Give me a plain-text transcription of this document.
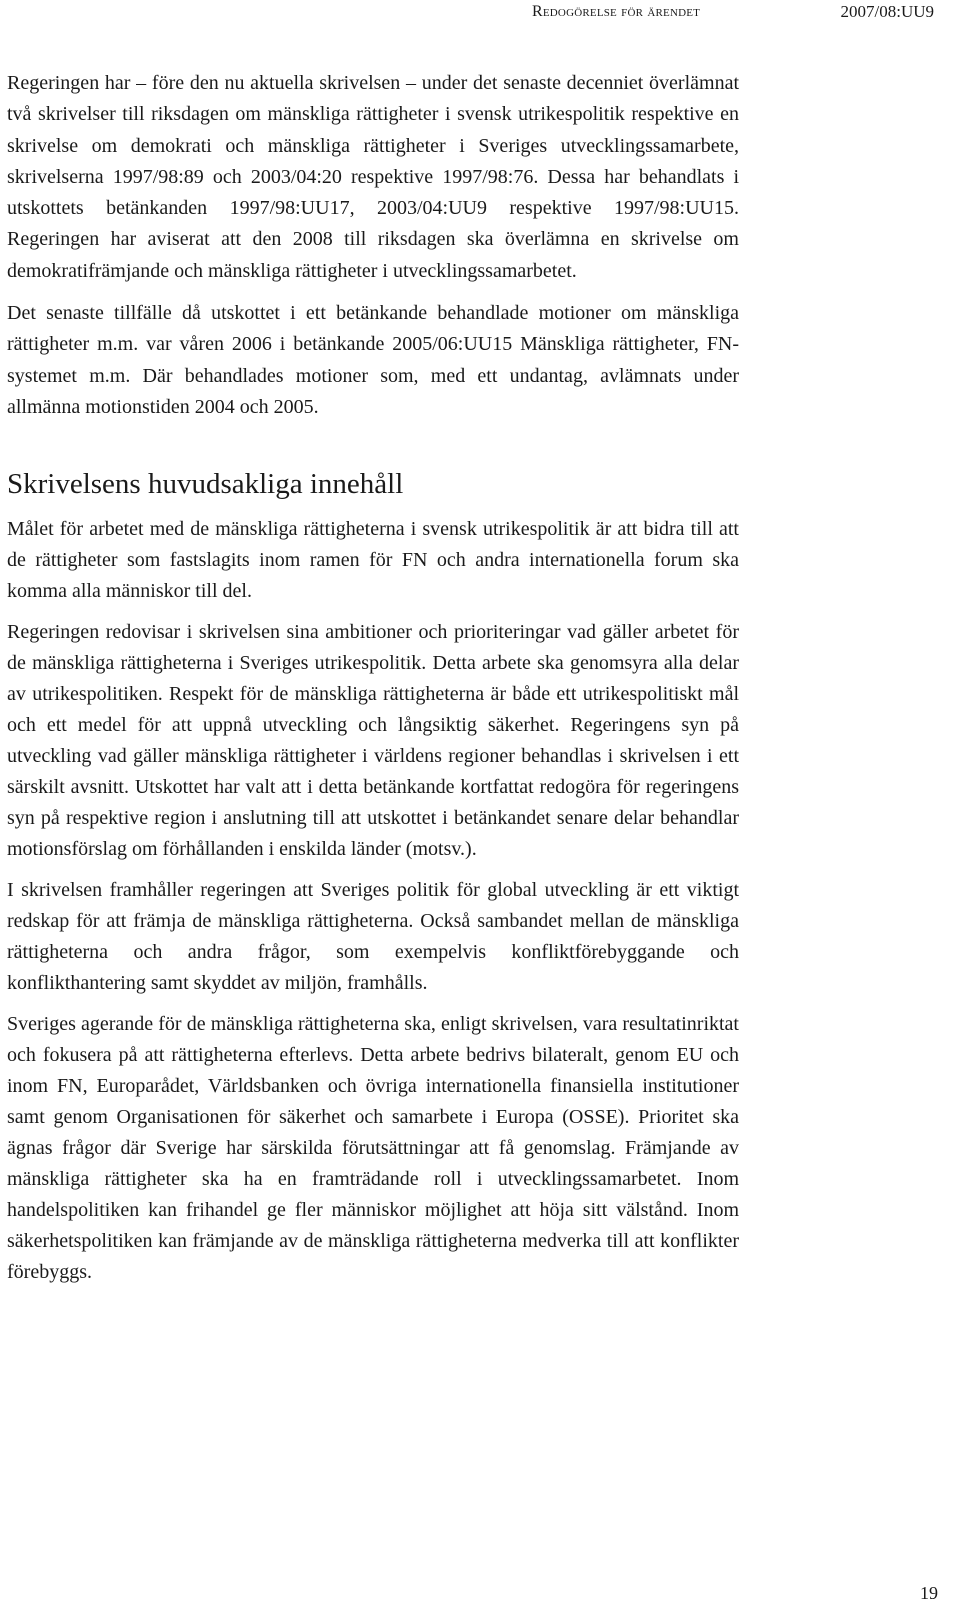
Redogörelse för ärendet	2007/08:UU9

Regeringen har – före den nu aktuella skrivelsen – under det senaste decenniet överlämnat två skrivelser till riksdagen om mänskliga rättigheter i svensk utrikespolitik respektive en skrivelse om demokrati och mänskliga rättigheter i Sveriges utvecklingssamarbete, skrivelserna 1997/98:89 och 2003/04:20 respektive 1997/98:76. Dessa har behandlats i utskottets betänkanden 1997/98:UU17, 2003/04:UU9 respektive 1997/98:UU15. Regeringen har aviserat att den 2008 till riksdagen ska överlämna en skrivelse om demokratifrämjande och mänskliga rättigheter i utvecklingssamarbetet.

Det senaste tillfälle då utskottet i ett betänkande behandlade motioner om mänskliga rättigheter m.m. var våren 2006 i betänkande 2005/06:UU15 Mänskliga rättigheter, FN-systemet m.m. Där behandlades motioner som, med ett undantag, avlämnats under allmänna motionstiden 2004 och 2005.

Skrivelsens huvudsakliga innehåll

Målet för arbetet med de mänskliga rättigheterna i svensk utrikespolitik är att bidra till att de rättigheter som fastslagits inom ramen för FN och andra internationella forum ska komma alla människor till del.

Regeringen redovisar i skrivelsen sina ambitioner och prioriteringar vad gäller arbetet för de mänskliga rättigheterna i Sveriges utrikespolitik. Detta arbete ska genomsyra alla delar av utrikespolitiken. Respekt för de mänskliga rättigheterna är både ett utrikespolitiskt mål och ett medel för att uppnå utveckling och långsiktig säkerhet. Regeringens syn på utveckling vad gäller mänskliga rättigheter i världens regioner behandlas i skrivelsen i ett särskilt avsnitt. Utskottet har valt att i detta betänkande kortfattat redogöra för regeringens syn på respektive region i anslutning till att utskottet i betänkandet senare delar behandlar motionsförslag om förhållanden i enskilda länder (motsv.).

I skrivelsen framhåller regeringen att Sveriges politik för global utveckling är ett viktigt redskap för att främja de mänskliga rättigheterna. Också sambandet mellan de mänskliga rättigheterna och andra frågor, som exempelvis konfliktförebyggande och konflikthantering samt skyddet av miljön, framhålls.

Sveriges agerande för de mänskliga rättigheterna ska, enligt skrivelsen, vara resultatinriktat och fokusera på att rättigheterna efterlevs. Detta arbete bedrivs bilateralt, genom EU och inom FN, Europarådet, Världsbanken och övriga internationella finansiella institutioner samt genom Organisationen för säkerhet och samarbete i Europa (OSSE). Prioritet ska ägnas frågor där Sverige har särskilda förutsättningar att få genomslag. Främjande av mänskliga rättigheter ska ha en framträdande roll i utvecklingssamarbetet. Inom handelspolitiken kan frihandel ge fler människor möjlighet att höja sitt välstånd. Inom säkerhetspolitiken kan främjande av de mänskliga rättigheterna medverka till att konflikter förebyggs.

19
